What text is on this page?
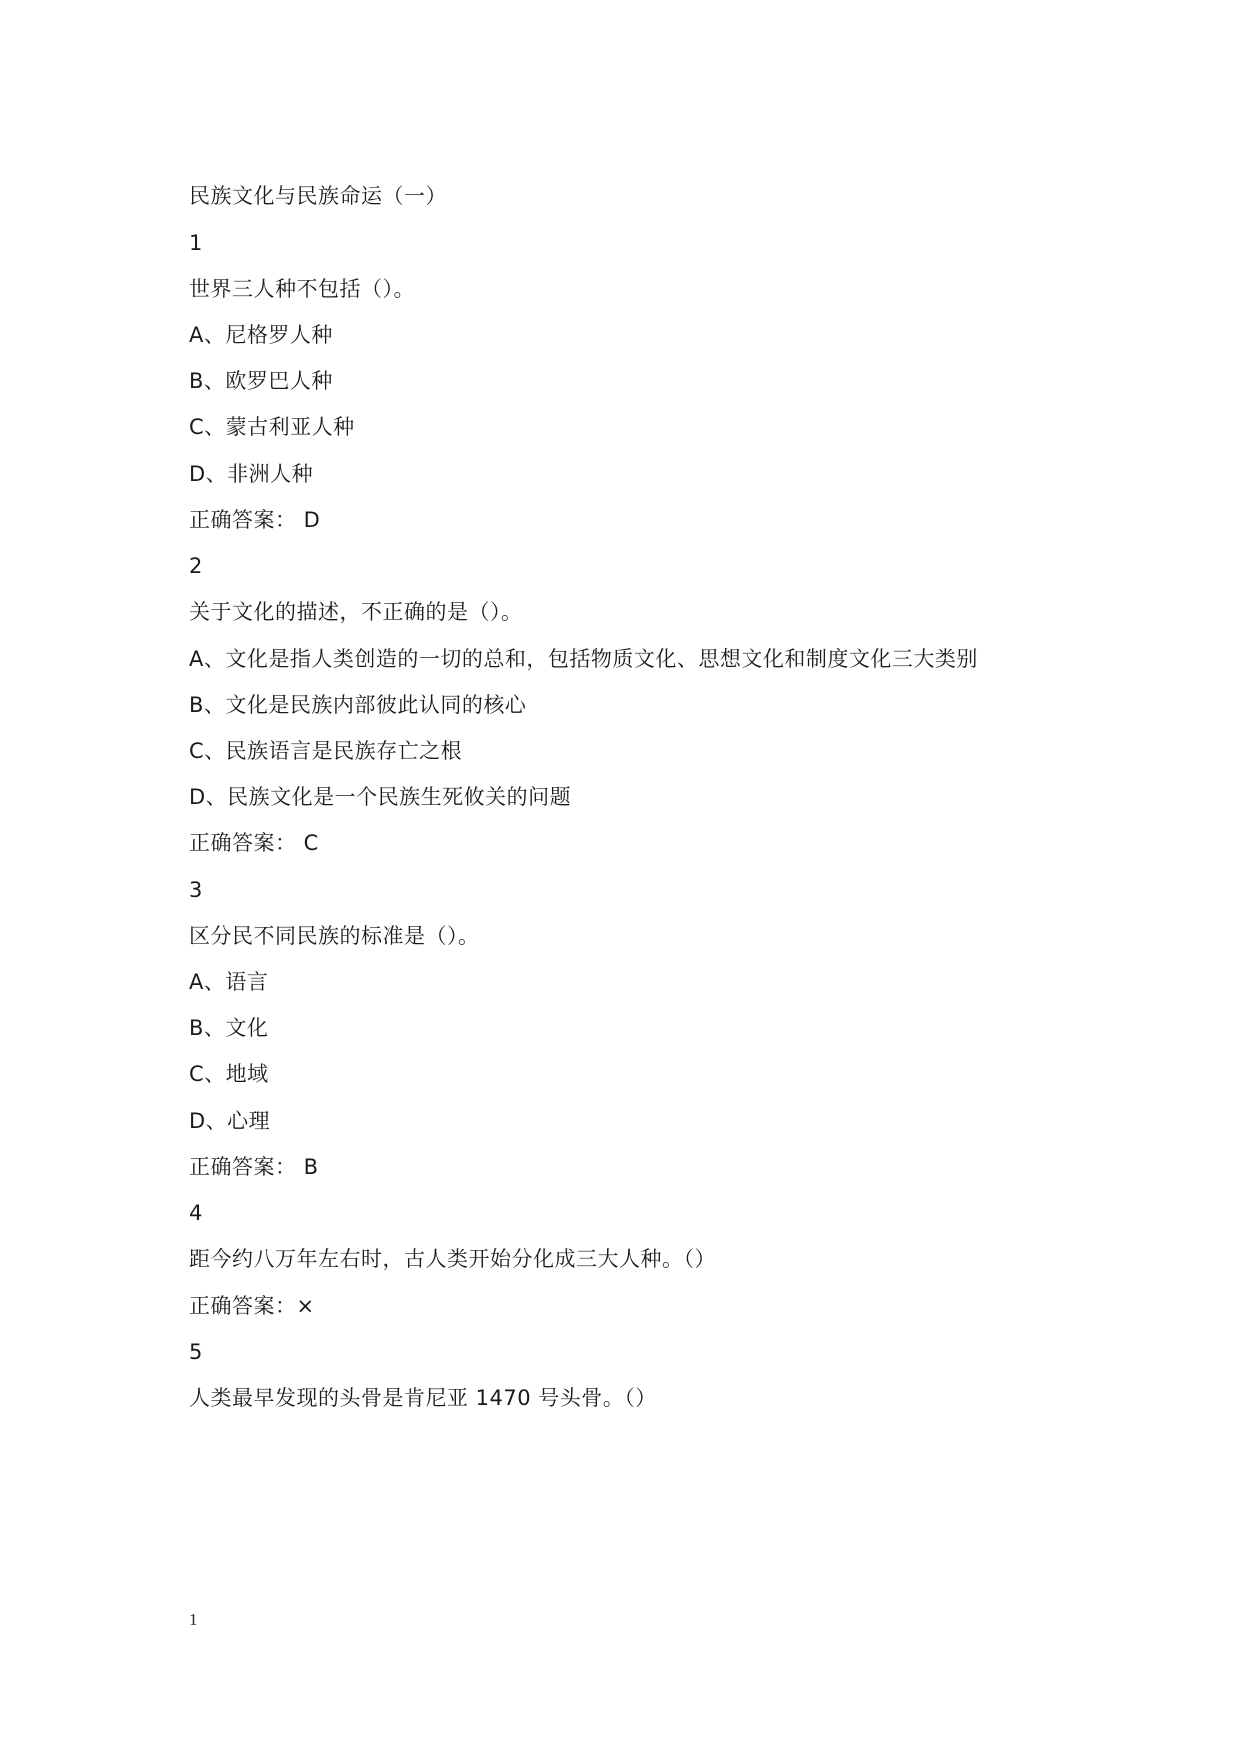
民族文化与民族命运（一）
1
世界三人种不包括（）。
A、尼格罗人种
B、欧罗巴人种
C、蒙古利亚人种
D、非洲人种
正确答案： D
2
关于文化的描述，不正确的是（）。
A、文化是指人类创造的一切的总和，包括物质文化、思想文化和制度文化三大类别
B、文化是民族内部彼此认同的核心
C、民族语言是民族存亡之根
D、民族文化是一个民族生死攸关的问题
正确答案： C
3
区分民不同民族的标准是（）。
A、语言
B、文化
C、地域
D、心理
正确答案： B
4
距今约八万年左右时，古人类开始分化成三大人种。（）
正确答案：×
5
人类最早发现的头骨是肯尼亚 1470 号头骨。（）
1
